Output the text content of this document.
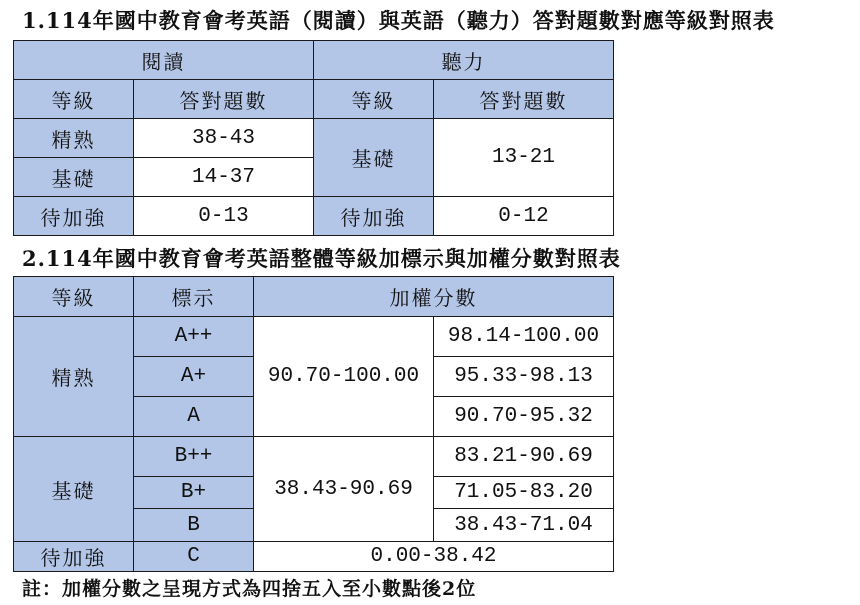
1.114年國中教育會考英語（閱讀）與英語（聽力）答對題數對應等級對照表
閱讀		聽力	
等級	答對題數	等級	答對題數
精熟	38-43	基礎	13-21
基礎	14-37		
待加強	0-13	待加強	0-12
2.114年國中教育會考英語整體等級加標示與加權分數對照表
等級	標示	加權分數	
精熟	A++	90.70-100.00	98.14-100.00
	A+		95.33-98.13
	A		90.70-95.32
基礎	B++	38.43-90.69	83.21-90.69
	B+		71.05-83.20
	B		38.43-71.04
待加強	C	0.00-38.42	
註：加權分數之呈現方式為四捨五入至小數點後2位
